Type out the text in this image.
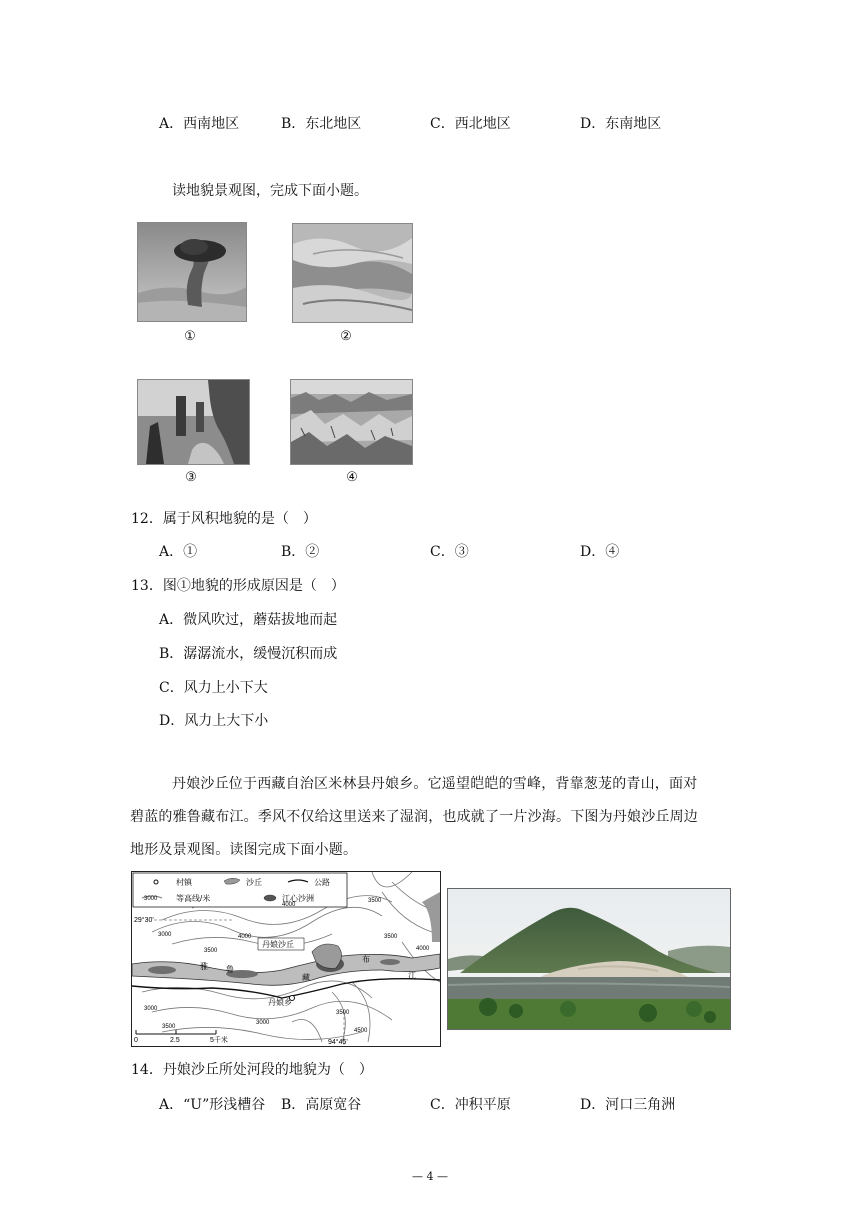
A．西南地区	B．东北地区	C．西北地区	D．东南地区
读地貌景观图，完成下面小题。
①	②
③	④
12．属于风积地貌的是（　）
A．①	B．②	C．③	D．④
13．图①地貌的形成原因是（　）
A．微风吹过，蘑菇拔地而起
B．潺潺流水，缓慢沉积而成
C．风力上小下大
D．风力上大下小
丹娘沙丘位于西藏自治区米林县丹娘乡。它遥望皑皑的雪峰，背靠葱茏的青山，面对
碧蓝的雅鲁藏布江。季风不仅给这里送来了湿润，也成就了一片沙海。下图为丹娘沙丘周边
地形及景观图。读图完成下面小题。
村镇	沙丘	公路
3000 等高线/米	江心沙洲
29°30'
丹娘沙丘
丹娘乡
雅 鲁
藏
布
江
3000	4000
3500
4000
3500
3500
4000
3500
3000
3500
4500
3000
0	2.5	5千米	94°45'
14．丹娘沙丘所处河段的地貌为（　）
A．“U”形浅槽谷 B．高原宽谷	C．冲积平原	D．河口三角洲
— 4 —
